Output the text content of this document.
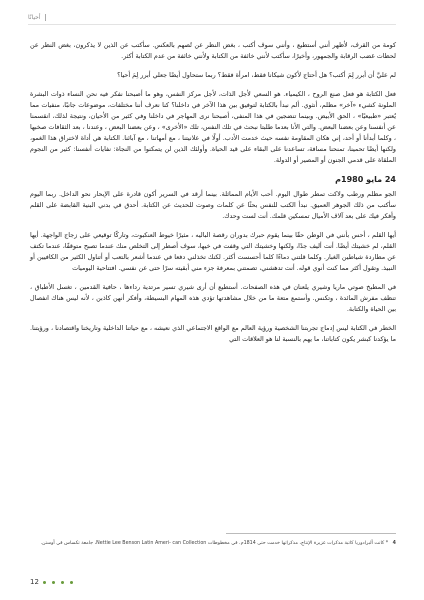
أحيانًا

كومة من القرف، لأظهر أنني أستطيع ، وأنني سوف أكتب ، بغض النظر عن تُصهم بالعكس. سأكتب عن الذين لا يذكرون، بغض النظر عن لحظات غضب الرقابة والجمهور، وأخيرًا، سأكتب لأنني خائفة من الكتابة ولأنني خائفة من عدم الكتابة أكثر.

لم عليَّ أن أبرر لِمَ أكتب؟ هل أحتاج لأكون شيكانا فقط، امرأة فقط؟ ربما ستحاول أيضًا جعلي أبرر لِمَ أحيا؟

فعل الكتابة هو فعل صنع الروح ، الكيمياء. هو السعي لأجل الذات، لأجل مركز النفس، وهو ما أصبحنا نفكر فيه نحن النساء ذوات البشرة الملونة كشيء «آخر» مظلم، أنثوي. ألم نبدأ بالكتابة لتوفيق بين هذا الآخر في داخلنا؟ كنا نعرف أننا مختلفات، موضوعات جانبًا، منفيات مما يُعتبر «طبيعيًا» ، الحق الأبيض. وبينما تنضجين في هذا المنفى، أصبحنا نرى المهاجر في داخلنا وفي كثير من الأحيان، ونتيجة لذلك، انقسمنا عن أنفسنا وعن بعضنا البعض. والتي الأنا بعدما طلبتا نبحث في تلك النفس، تلك «الأخرى» ، وعن بعضنا البعض ، وعندنا ، بعد الثقافات صخبها ، وكلما أبدأنا أو أحد، إني هكان المقاومة نفسه حيث خدمت الأدب. أولًا في علانيتنا ، مع أمهاتنا ، مع آبائنا. الكتابة هي أداة لاختراق هذا الغمو، ولكنها أيضًا تحمينا، تمنحنا مسافة، تساعدنا على البقاء على قيد الحياة. وأولئك الذين لن يتمكنوا من النجاة: نفايات أنفسنا: كثير من النجوم الملقاة على قدمي الجنون أو المصير أو الدولة.

24 مايو 1980م

الجو مظلم ورطب ولاكت تمطر طوال اليوم. أحب الأيام المماثلة. بينما أرقد في السرير أكون قادرة على الإبحار نحو الداخل. ربما اليوم سأكتب من ذلك الجوهر العميق. نبدأ الكتب للنفس بحثًا عن كلمات وصوت للحديث عن الكتابة. أحدق في بدني البنية القابضة على القلم وأفكر فيك على بعد آلاف الأميال تمسكين قلمك. أنت لست وحدك.

أيها القلم ، أحس بأنني في الوطن حقًا بينما يقوم حبرك بدوران رقصة الباليه ، مثيرًا خيوط العنكبوت، وتاركًا توقيعي على زجاج الواجهة. أيها القلم، لم خشيتك أيضًا. أنت أليف جدًا، ولكنها وخشيتك التي وقفت في خيها، سوف أصطر إلى التخلص منك عندما تصبح متوقفًا، عندما تكتف عن مطاردة شياطين الغبار. وكلما قلتني دماءًا كلما أحسست أكثر. لكنك تخذلني دفعا في عندما أشعر بالتعب أو أتناول الكثير من الكافيين أو النبيذ. وتقول أكثر مما كنت أنوي قوله. أنت تدهشني، تصمتني بمعرفة جزء مني أبقيته سرًا حتى عن نفسي. افتتاحية اليوميات

في المطبخ صوتي ماريا وشيري يلعنان في هذه الصفحات. أستطيع أن أرى شيري تسير مرتدية رداءها ، حافية القدمين ، تغسل الأطباق ، تنظف مفرش المائدة ، وتكنس. وأستمع متعة ما من خلال مشاهدتها تؤدي هذه المهام البسيطة، وأفكر أنهن كاذبن ، لأنه ليس هناك انفصال بين الحياة والكتابة.

الخطر في الكتابة ليس إدماج تجربتنا الشخصية ورؤية العالم مع الواقع الاجتماعي الذي نعيشه ، مع حياتنا الداخلية وتاريخنا واقتصادنا ، ورؤيتنا. ما يؤكدنا كبشر يكون كتاباتنا، ما يهم بالنسبة لنا هو العلاقات التي

4 * كانت ألبرادوريا كاتبة مذكرات غزيرة الإنتاج، مذكراتها خدمت حتى 1814م. في مخطوطات Nettie Lee Benson Latin Ameri- can Collection، جامعة تكساس في أوستن.
12
